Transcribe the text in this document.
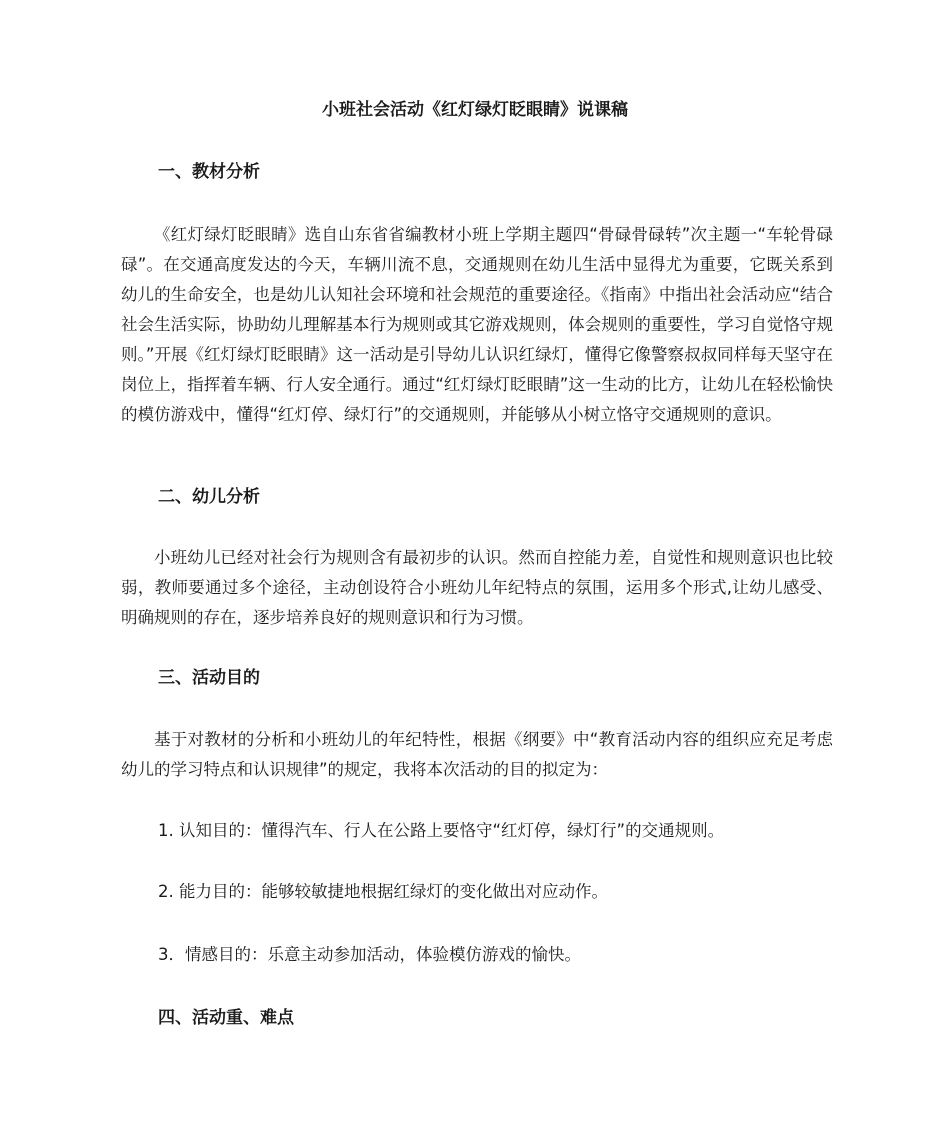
小班社会活动《红灯绿灯眨眼睛》说课稿
一、教材分析

《红灯绿灯眨眼睛》选自山东省省编教材小班上学期主题四“骨碌骨碌转”次主题一“车轮骨碌碌”。在交通高度发达的今天，车辆川流不息，交通规则在幼儿生活中显得尤为重要，它既关系到幼儿的生命安全，也是幼儿认知社会环境和社会规范的重要途径。《指南》中指出社会活动应“结合社会生活实际，协助幼儿理解基本行为规则或其它游戏规则，体会规则的重要性，学习自觉恪守规则。”开展《红灯绿灯眨眼睛》这一活动是引导幼儿认识红绿灯，懂得它像警察叔叔同样每天坚守在岗位上，指挥着车辆、行人安全通行。通过“红灯绿灯眨眼睛”这一生动的比方，让幼儿在轻松愉快的模仿游戏中，懂得“红灯停、绿灯行”的交通规则，并能够从小树立恪守交通规则的意识。

二、幼儿分析

小班幼儿已经对社会行为规则含有最初步的认识。然而自控能力差，自觉性和规则意识也比较弱，教师要通过多个途径，主动创设符合小班幼儿年纪特点的氛围，运用多个形式,让幼儿感受、明确规则的存在，逐步培养良好的规则意识和行为习惯。

三、活动目的

基于对教材的分析和小班幼儿的年纪特性，根据《纲要》中“教育活动内容的组织应充足考虑幼儿的学习特点和认识规律”的规定，我将本次活动的目的拟定为：

1. 认知目的：懂得汽车、行人在公路上要恪守“红灯停，绿灯行”的交通规则。
2. 能力目的：能够较敏捷地根据红绿灯的变化做出对应动作。
3．情感目的：乐意主动参加活动，体验模仿游戏的愉快。
四、活动重、难点
